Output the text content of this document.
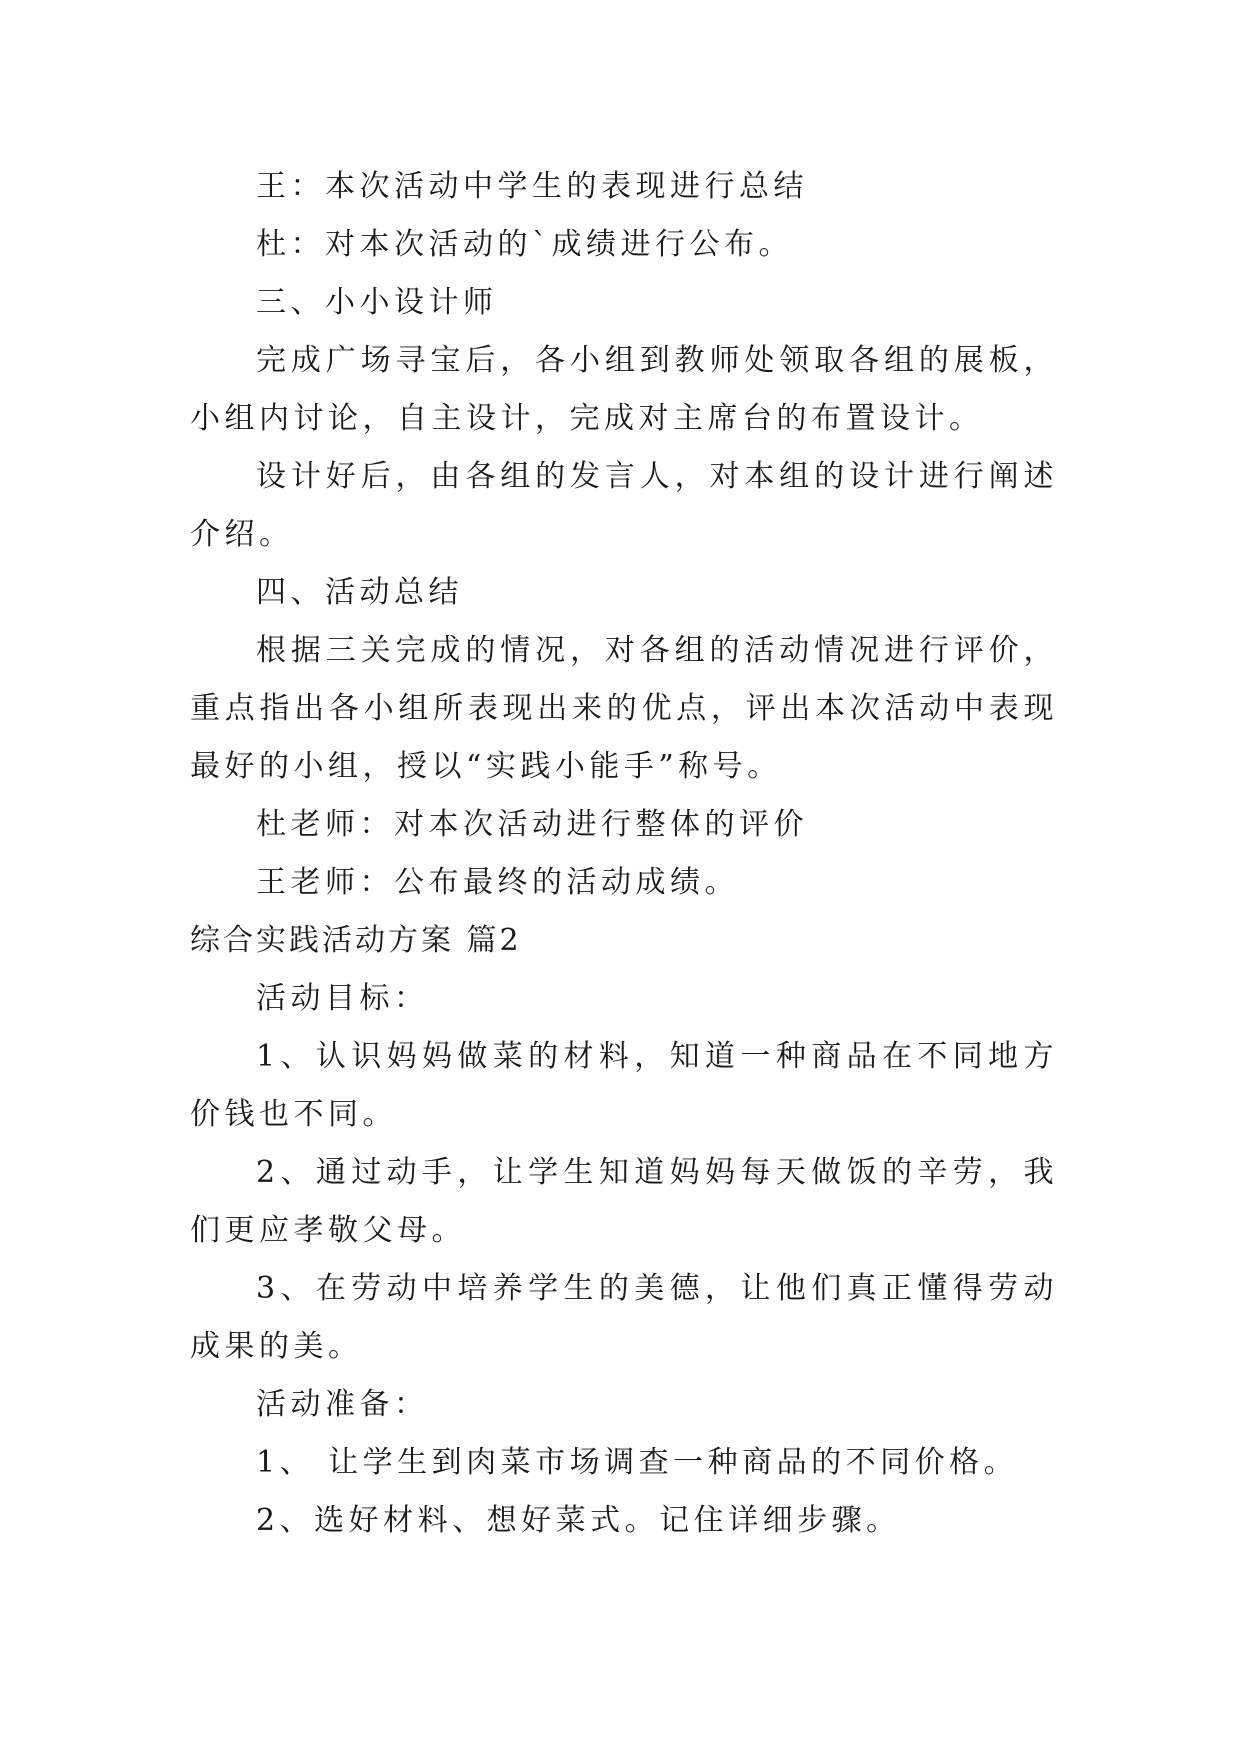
王：本次活动中学生的表现进行总结

杜：对本次活动的`成绩进行公布。

三、小小设计师

完成广场寻宝后，各小组到教师处领取各组的展板，小组内讨论，自主设计，完成对主席台的布置设计。

设计好后，由各组的发言人，对本组的设计进行阐述介绍。

四、活动总结

根据三关完成的情况，对各组的活动情况进行评价，重点指出各小组所表现出来的优点，评出本次活动中表现最好的小组，授以“实践小能手”称号。

杜老师：对本次活动进行整体的评价

王老师：公布最终的活动成绩。

综合实践活动方案 篇2

活动目标：

1、认识妈妈做菜的材料，知道一种商品在不同地方价钱也不同。

2、通过动手，让学生知道妈妈每天做饭的辛劳，我们更应孝敬父母。

3、在劳动中培养学生的美德，让他们真正懂得劳动成果的美。

活动准备：

1、 让学生到肉菜市场调查一种商品的不同价格。

2、选好材料、想好菜式。记住详细步骤。
